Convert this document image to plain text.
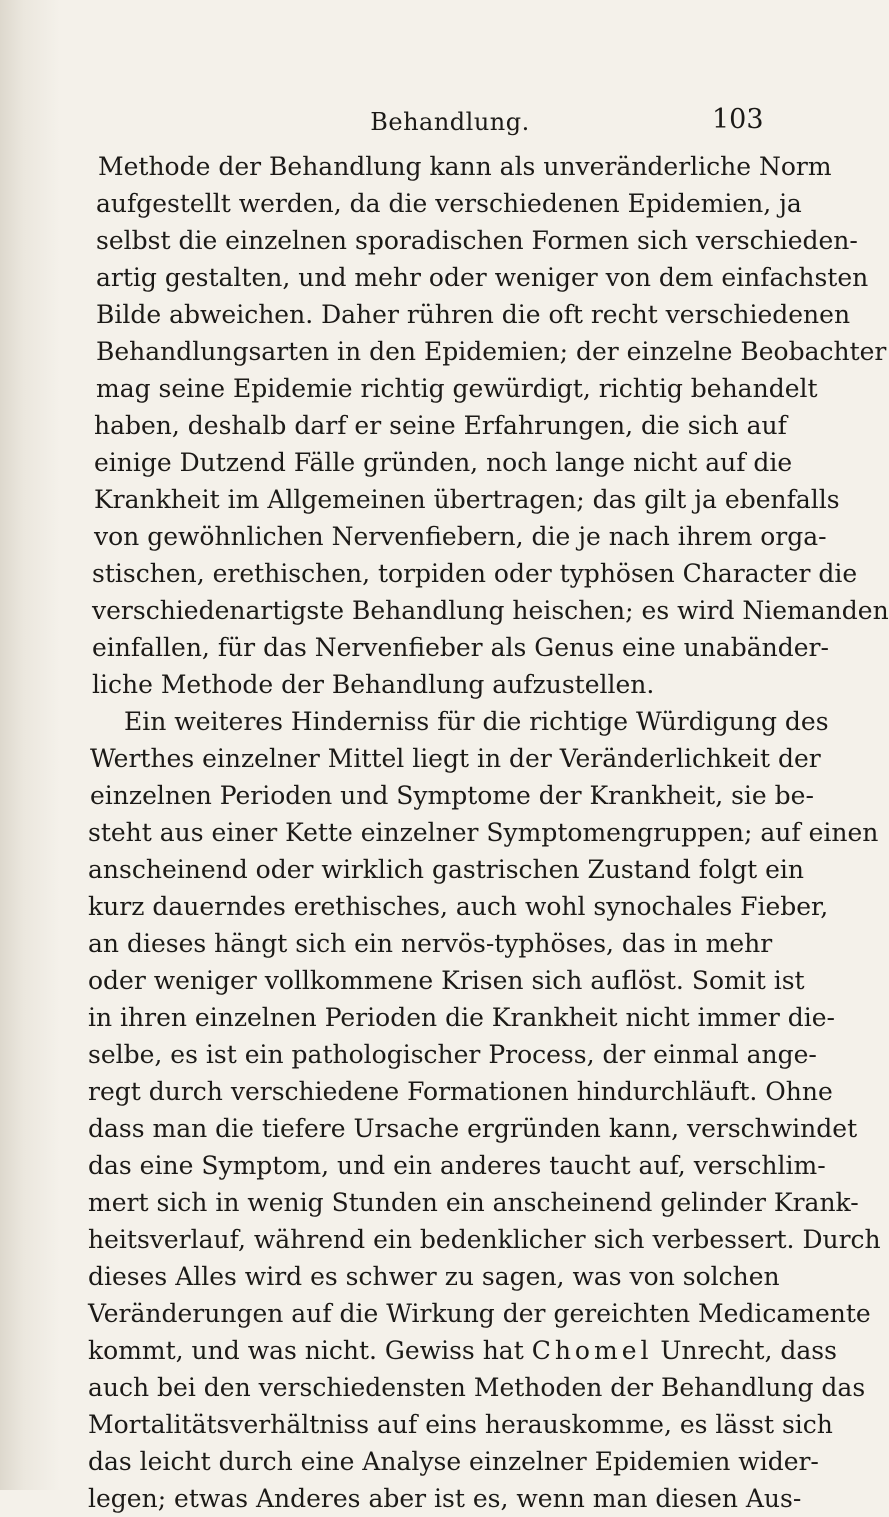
Behandlung.	103
Methode der Behandlung kann als unveränderliche Norm
aufgestellt werden, da die verschiedenen Epidemien, ja
selbst die einzelnen sporadischen Formen sich verschieden-
artig gestalten, und mehr oder weniger von dem einfachsten
Bilde abweichen. Daher rühren die oft recht verschiedenen
Behandlungsarten in den Epidemien; der einzelne Beobachter
mag seine Epidemie richtig gewürdigt, richtig behandelt
haben, deshalb darf er seine Erfahrungen, die sich auf
einige Dutzend Fälle gründen, noch lange nicht auf die
Krankheit im Allgemeinen übertragen; das gilt ja ebenfalls
von gewöhnlichen Nervenfiebern, die je nach ihrem orga-
stischen, erethischen, torpiden oder typhösen Character die
verschiedenartigste Behandlung heischen; es wird Niemanden
einfallen, für das Nervenfieber als Genus eine unabänder-
liche Methode der Behandlung aufzustellen.
Ein weiteres Hinderniss für die richtige Würdigung des
Werthes einzelner Mittel liegt in der Veränderlichkeit der
einzelnen Perioden und Symptome der Krankheit, sie be-
steht aus einer Kette einzelner Symptomengruppen; auf einen
anscheinend oder wirklich gastrischen Zustand folgt ein
kurz dauerndes erethisches, auch wohl synochales Fieber,
an dieses hängt sich ein nervös-typhöses, das in mehr
oder weniger vollkommene Krisen sich auflöst. Somit ist
in ihren einzelnen Perioden die Krankheit nicht immer die-
selbe, es ist ein pathologischer Process, der einmal ange-
regt durch verschiedene Formationen hindurchläuft. Ohne
dass man die tiefere Ursache ergründen kann, verschwindet
das eine Symptom, und ein anderes taucht auf, verschlim-
mert sich in wenig Stunden ein anscheinend gelinder Krank-
heitsverlauf, während ein bedenklicher sich verbessert. Durch
dieses Alles wird es schwer zu sagen, was von solchen
Veränderungen auf die Wirkung der gereichten Medicamente
kommt, und was nicht. Gewiss hat Chomel Unrecht, dass
auch bei den verschiedensten Methoden der Behandlung das
Mortalitätsverhältniss auf eins herauskomme, es lässt sich
das leicht durch eine Analyse einzelner Epidemien wider-
legen; etwas Anderes aber ist es, wenn man diesen Aus-
